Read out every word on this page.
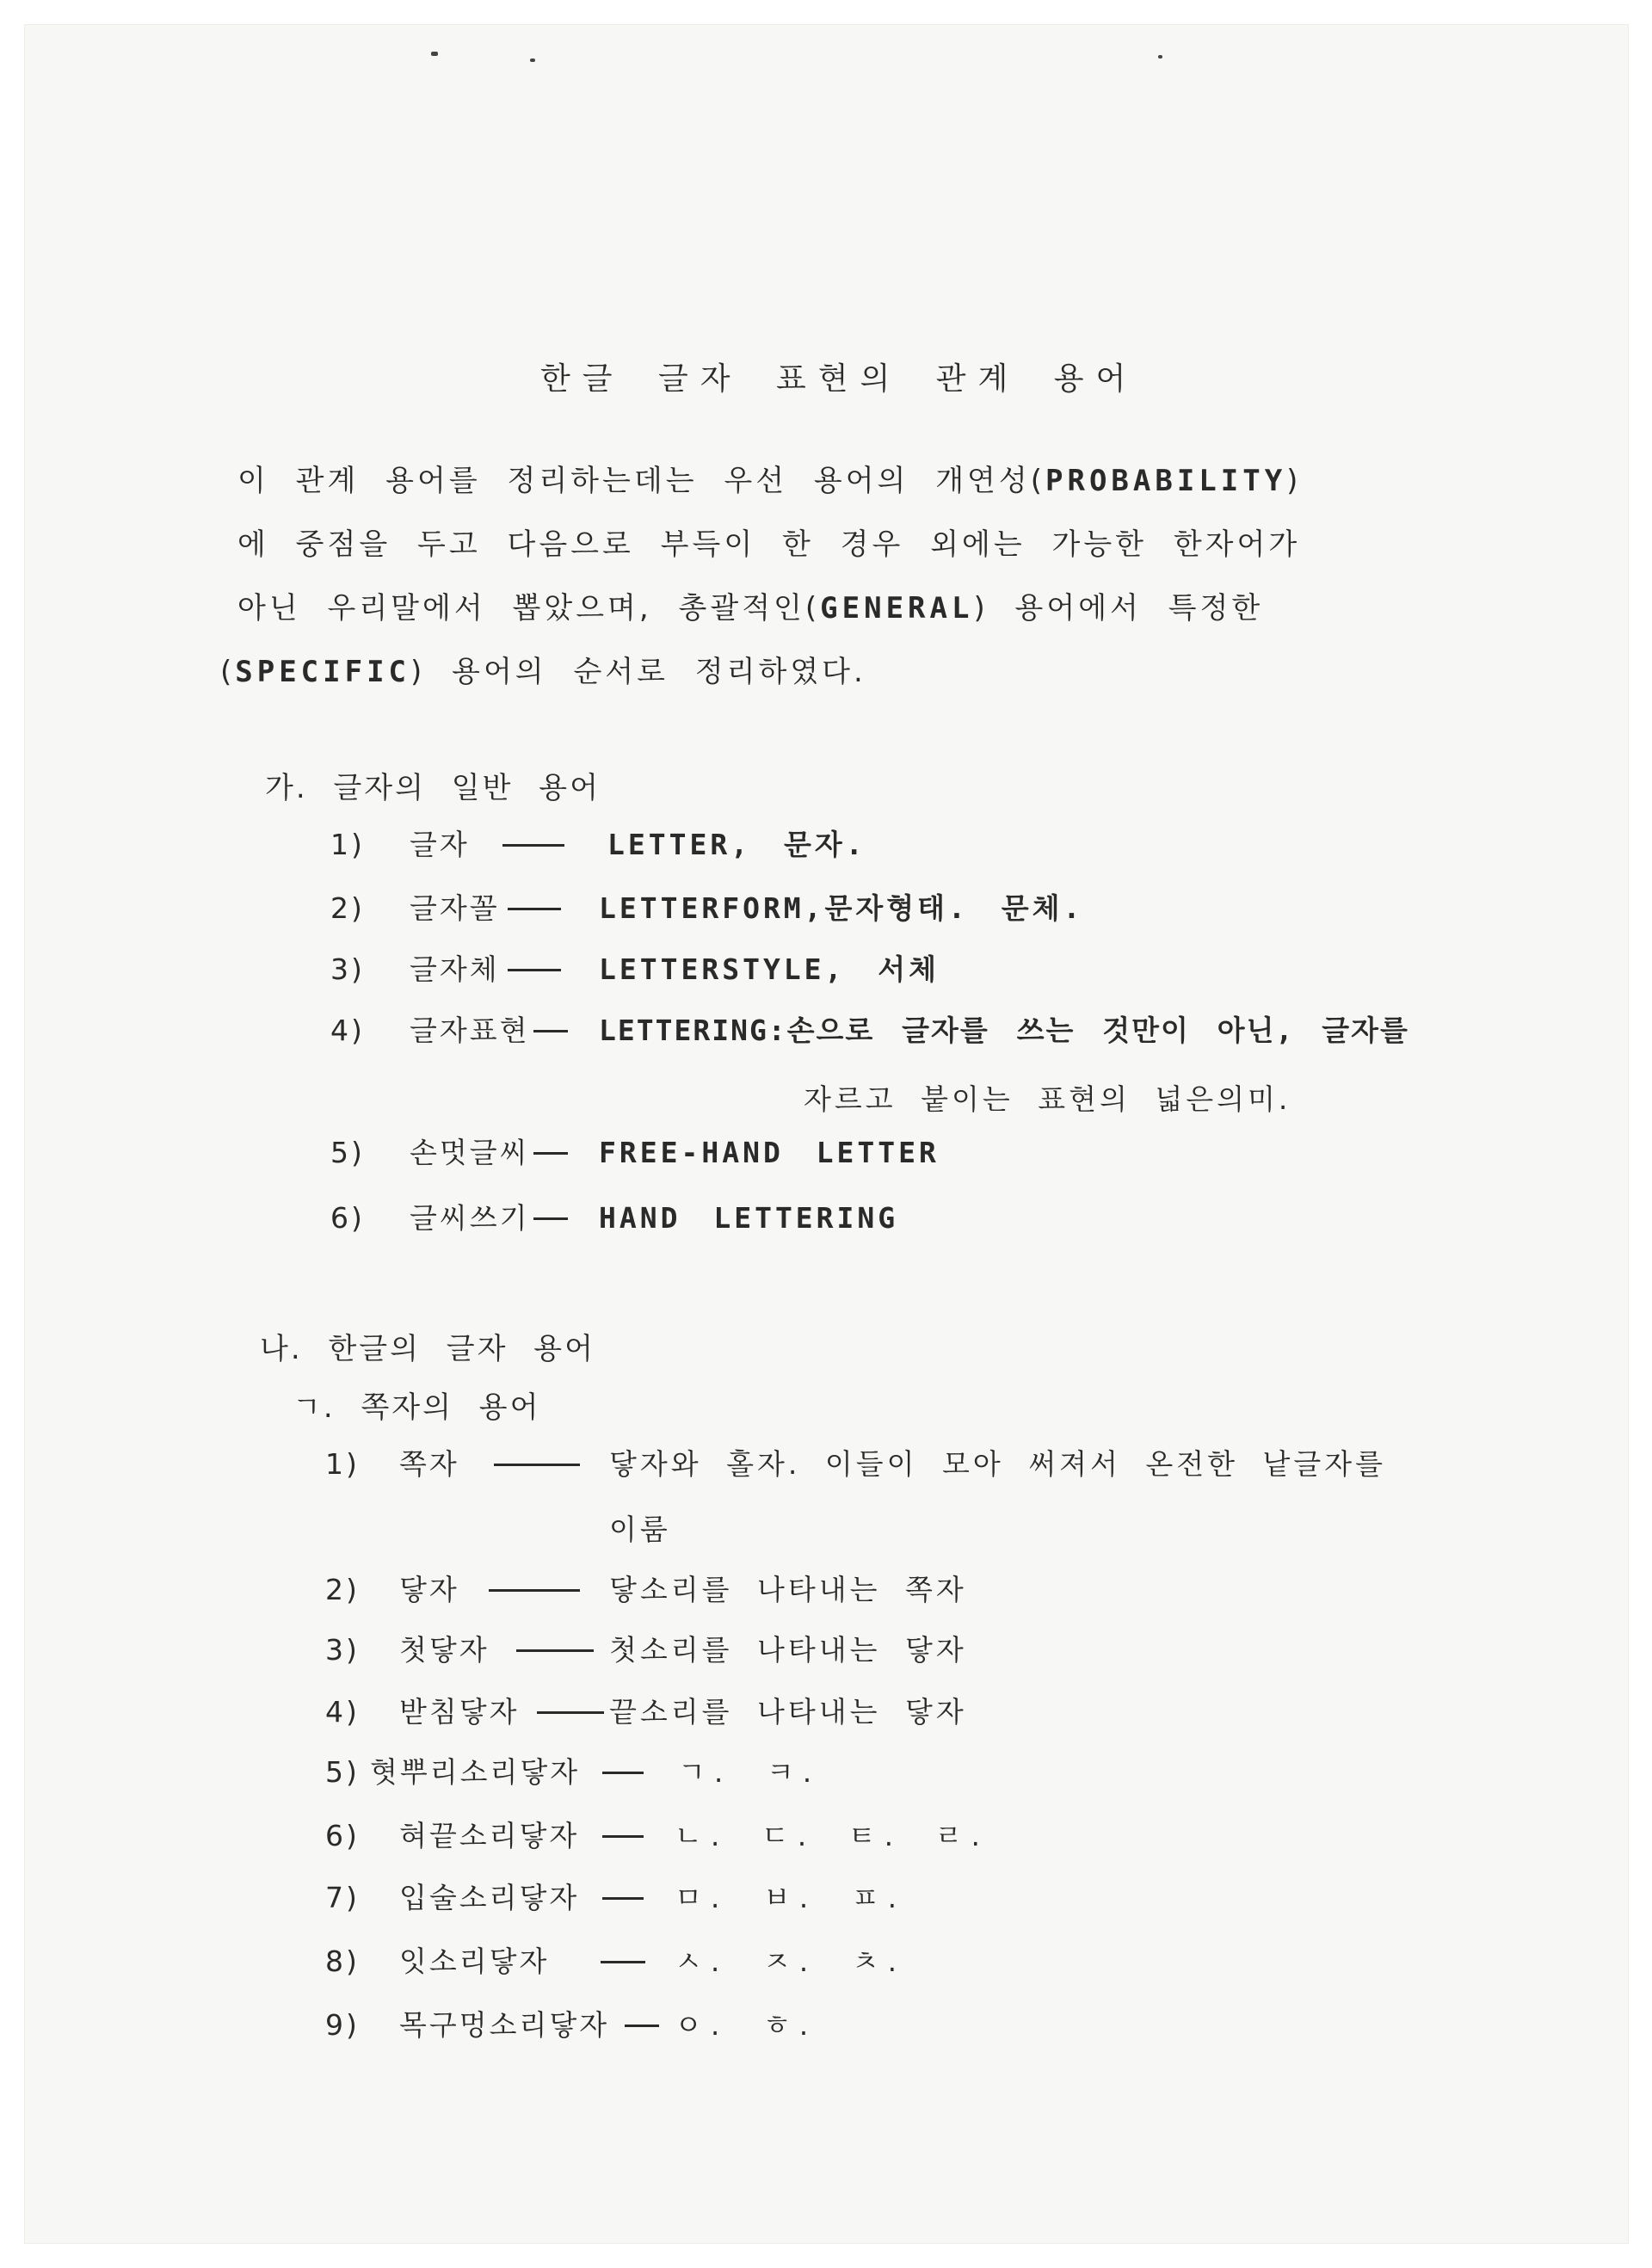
한글 글자 표현의 관계 용어
이 관계 용어를 정리하는데는 우선 용어의 개연성(PROBABILITY)
에 중점을 두고 다음으로 부득이 한 경우 외에는 가능한 한자어가
아닌 우리말에서 뽑았으며, 총괄적인(GENERAL) 용어에서 특정한
(SPECIFIC) 용어의 순서로 정리하였다.
가. 글자의 일반 용어
1) 글자	LETTER, 문자.
2) 글자꼴	LETTERFORM,문자형태. 문체.
3) 글자체	LETTERSTYLE, 서체
4) 글자표현 LETTERING:손으로 글자를 쓰는 것만이 아닌, 글자를
자르고 붙이는 표현의 넓은의미.
5) 손멋글씨 FREE-HAND LETTER
6) 글씨쓰기 HAND LETTERING
나. 한글의 글자 용어
ㄱ. 쪽자의 용어
1) 쪽자	닿자와 홀자. 이들이 모아 써져서 온전한 낱글자를
이룸
2) 닿자	닿소리를 나타내는 쪽자
3) 첫닿자	첫소리를 나타내는 닿자
4) 받침닿자	끝소리를 나타내는 닿자
5) 혓뿌리소리닿자	ㄱ. ㅋ.
6) 혀끝소리닿자	ㄴ. ㄷ. ㅌ. ㄹ.
7) 입술소리닿자	ㅁ. ㅂ. ㅍ.
8) 잇소리닿자	ㅅ. ㅈ. ㅊ.
9) 목구멍소리닿자 ㅇ. ㅎ.
